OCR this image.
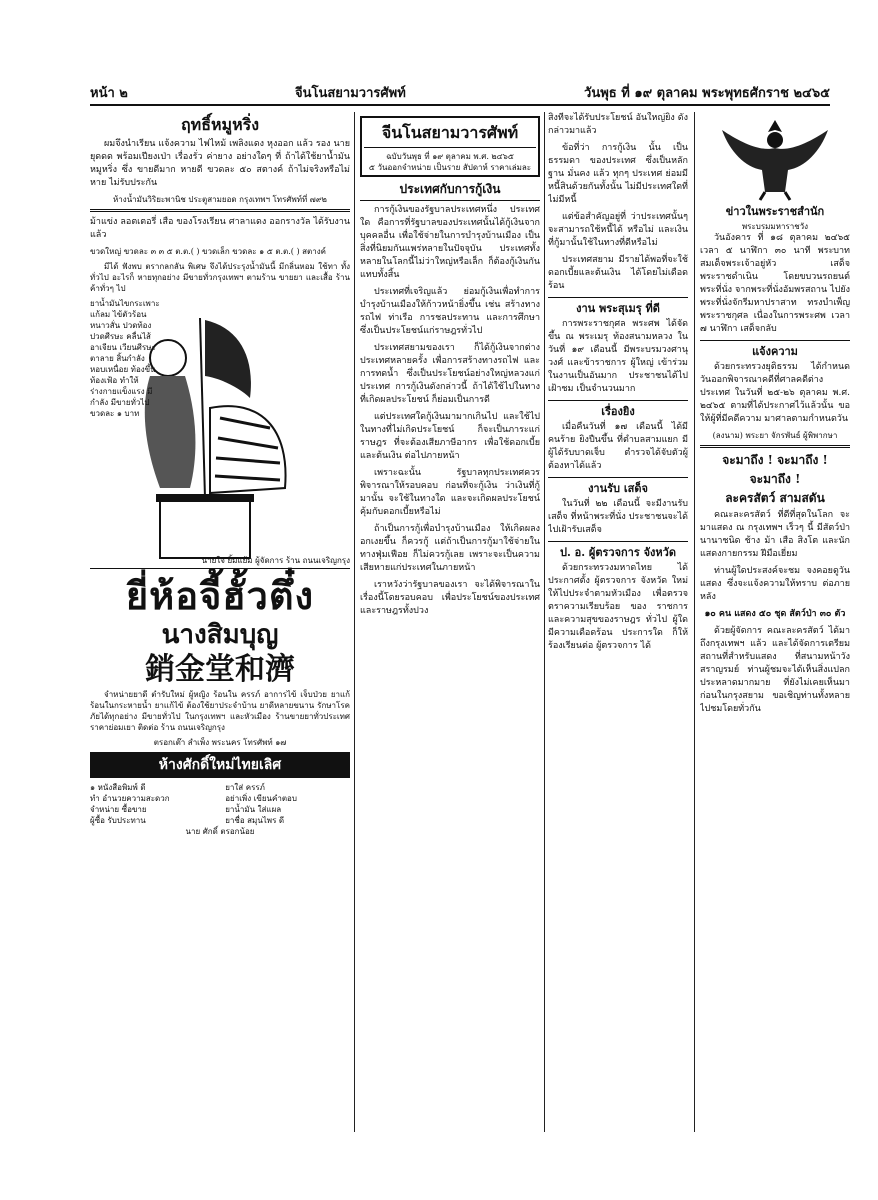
หน้า ๒	จีนโนสยามวารศัพท์	วันพุธ ที่ ๑๙ ตุลาคม พระพุทธศักราช ๒๔๖๕
ฤทธิ์หมูหริ่ง
ผมจึงนำเรียน แจ้งความ ไฟไหม้ เพลิงแดง หุงออก แล้ว รอง นาย ยุดดด พร้อมเปียงเป่า เรื่องรั่ว ค่ายาง อย่างใดๆ ที่ ถ้าได้ใช้ยาน้ำมันหมูหริ่ง ซึ่ง ขายดีมาก หายดี ขวดละ ๕๐ สตางค์ ถ้าไม่จริงหรือไม่หาย ไม่รับประกัน
ห้างน้ำมันวิริยะพานิช ประตูสามยอด กรุงเทพฯ โทรศัพท์ที่ ๗๙๒
ม้าแข่ง ลอตเตอรี่ เสือ ของโรงเรียน ศาลาแดง ออกรางวัล ได้รับงานแล้ว
ขวดใหญ่ ขวดละ ๓ ๓ ๕ ต.ต.( ) ขวดเล็ก ขวดละ ๑ ๕ ต.ต.( ) สตางค์
มีได้ ฟังพบ ตรากลกลัน พิเศษ จึงได้ประรุงน้ำมันนี้ มีกลิ่นหอม ใช้ทา ทั้งทั่วไป อะไรก็ หายทุกอย่าง มีขายทั่วกรุงเทพฯ ตามร้าน ขายยา และเสื้อ ร้านค้าทั่วๆ ไป
ยาน้ำมันไขกระเพาะ แก้ลม ไข้ตัวร้อน หนาวสั่น ปวดท้อง ปวดศีรษะ คลื่นไส้ อาเจียน เวียนศีรษะ ตาลาย สิ้นกำลัง หอบเหนื่อย ท้องขึ้น ท้องเฟ้อ ทำให้ร่างกายแข็งแรง มีกำลัง มีขายทั่วไป ขวดละ ๑ บาท
นายใจ ยิ้มแย้ม ผู้จัดการ ร้าน ถนนเจริญกรุง
ยี่ห้อจี้ฮั้วตึ๋ง
นางสิมบุญ
銷金堂和濟
จำหน่ายยาดี ตำรับใหม่ ผู้หญิง ร้อนใน ครรภ์ อาการไข้ เจ็บป่วย ยาแก้ ร้อนในกระหายน้ำ ยาแก้ไข้ ต้องใช้ยาประจำบ้าน ยาดีหลายขนาน รักษาโรคภัยได้ทุกอย่าง มีขายทั่วไป ในกรุงเทพฯ และหัวเมือง ร้านขายยาทั่วประเทศ ราคาย่อมเยา ติดต่อ ร้าน ถนนเจริญกรุง
ตรอกเต๊า สำเพ็ง พระนคร โทรศัพท์ ๑๗
ห้างศักดิ์ใหม่ไทยเลิศ
๑ หนังสือพิมพ์ ดี
ทำ อำนวยความสะดวก
จำหน่าย ซื้อขาย
ผู้ซื้อ รับประทาน
ยาใส่ ครรภ์
อย่าเพิ่ง เขียนคำตอบ
ยาน้ำมัน ใส่แผล
ยาชื่อ สมุนไพร ดี
นาย ศักดิ์ ตรอกน้อย
จีนโนสยามวารศัพท์
ฉบับวันพุธ ที่ ๑๙ ตุลาคม พ.ศ. ๒๔๖๕
๕ วันออกจำหน่าย เป็นราย สัปดาห์ ราคาเล่มละ
ประเทศกับการกู้เงิน
การกู้เงินของรัฐบาลประเทศหนึ่ง ประเทศใด คือการที่รัฐบาลของประเทศนั้นได้กู้เงินจากบุคคลอื่น เพื่อใช้จ่ายในการบำรุงบ้านเมือง เป็นสิ่งที่นิยมกันแพร่หลายในปัจจุบัน ประเทศทั้งหลายในโลกนี้ไม่ว่าใหญ่หรือเล็ก ก็ต้องกู้เงินกันแทบทั้งสิ้น
ประเทศที่เจริญแล้ว ย่อมกู้เงินเพื่อทำการบำรุงบ้านเมืองให้ก้าวหน้ายิ่งขึ้น เช่น สร้างทางรถไฟ ท่าเรือ การชลประทาน และการศึกษา ซึ่งเป็นประโยชน์แก่ราษฎรทั่วไป
ประเทศสยามของเรา ก็ได้กู้เงินจากต่างประเทศหลายครั้ง เพื่อการสร้างทางรถไฟ และการทดน้ำ ซึ่งเป็นประโยชน์อย่างใหญ่หลวงแก่ประเทศ การกู้เงินดังกล่าวนี้ ถ้าได้ใช้ไปในทางที่เกิดผลประโยชน์ ก็ย่อมเป็นการดี
แต่ประเทศใดกู้เงินมามากเกินไป และใช้ไปในทางที่ไม่เกิดประโยชน์ ก็จะเป็นภาระแก่ราษฎร ที่จะต้องเสียภาษีอากร เพื่อใช้ดอกเบี้ยและต้นเงิน ต่อไปภายหน้า
เพราะฉะนั้น รัฐบาลทุกประเทศควรพิจารณาให้รอบคอบ ก่อนที่จะกู้เงิน ว่าเงินที่กู้มานั้น จะใช้ในทางใด และจะเกิดผลประโยชน์คุ้มกับดอกเบี้ยหรือไม่
ถ้าเป็นการกู้เพื่อบำรุงบ้านเมือง ให้เกิดผลงอกเงยขึ้น ก็ควรกู้ แต่ถ้าเป็นการกู้มาใช้จ่ายในทางฟุ่มเฟือย ก็ไม่ควรกู้เลย เพราะจะเป็นความเสียหายแก่ประเทศในภายหน้า
เราหวังว่ารัฐบาลของเรา จะได้พิจารณาในเรื่องนี้โดยรอบคอบ เพื่อประโยชน์ของประเทศและราษฎรทั้งปวง
สิ่งที่จะได้รับประโยชน์ อันใหญ่ยิ่ง ดังกล่าวมาแล้ว
ข้อที่ว่า การกู้เงิน นั้น เป็นธรรมดา ของประเทศ ซึ่งเป็นหลักฐาน มั่นคง แล้ว ทุกๆ ประเทศ ย่อมมีหนี้สินด้วยกันทั้งนั้น ไม่มีประเทศใดที่ไม่มีหนี้
แต่ข้อสำคัญอยู่ที่ ว่าประเทศนั้นๆ จะสามารถใช้หนี้ได้ หรือไม่ และเงินที่กู้มานั้นใช้ในทางที่ดีหรือไม่
ประเทศสยาม มีรายได้พอที่จะใช้ดอกเบี้ยและต้นเงิน ได้โดยไม่เดือดร้อน
งาน พระสุเมรุ ที่ดี
การพระราชกุศล พระศพ ได้จัดขึ้น ณ พระเมรุ ท้องสนามหลวง ในวันที่ ๑๙ เดือนนี้ มีพระบรมวงศานุวงศ์ และข้าราชการ ผู้ใหญ่ เข้าร่วมในงานเป็นอันมาก ประชาชนได้ไปเฝ้าชม เป็นจำนวนมาก
เรื่องยิง
เมื่อคืนวันที่ ๑๗ เดือนนี้ ได้มีคนร้าย ยิงปืนขึ้น ที่ตำบลสามแยก มีผู้ได้รับบาดเจ็บ ตำรวจได้จับตัวผู้ต้องหาได้แล้ว
งานรับ เสด็จ
ในวันที่ ๒๒ เดือนนี้ จะมีงานรับเสด็จ ที่หน้าพระที่นั่ง ประชาชนจะได้ไปเฝ้ารับเสด็จ
ป. อ. ผู้ตรวจการ จังหวัด
ด้วยกระทรวงมหาดไทย ได้ประกาศตั้ง ผู้ตรวจการ จังหวัด ใหม่ ให้ไปประจำตามหัวเมือง เพื่อตรวจตราความเรียบร้อย ของ ราชการ และความสุขของราษฎร ทั่วไป ผู้ใดมีความเดือดร้อน ประการใด ก็ให้ร้องเรียนต่อ ผู้ตรวจการ ได้
ข่าวในพระราชสำนัก
พระบรมมหาราชวัง
วันอังคาร ที่ ๑๘ ตุลาคม ๒๔๖๕ เวลา ๕ นาฬิกา ๓๐ นาที พระบาทสมเด็จพระเจ้าอยู่หัว เสด็จพระราชดำเนิน โดยขบวนรถยนต์พระที่นั่ง จากพระที่นั่งอัมพรสถาน ไปยังพระที่นั่งจักรีมหาปราสาท ทรงบำเพ็ญพระราชกุศล เนื่องในการพระศพ เวลา ๗ นาฬิกา เสด็จกลับ
แจ้งความ
ด้วยกระทรวงยุติธรรม ได้กำหนดวันออกพิจารณาคดีที่ศาลคดีต่างประเทศ ในวันที่ ๒๕-๒๖ ตุลาคม พ.ศ. ๒๔๖๕ ตามที่ได้ประกาศไว้แล้วนั้น ขอให้ผู้ที่มีคดีความ มาศาลตามกำหนดวัน
(ลงนาม) พระยา จักรพันธ์ ผู้พิพากษา
จะมาถึง ! จะมาถึง !
จะมาถึง !
ละครสัตว์ สามสดัน
คณะละครสัตว์ ที่ดีที่สุดในโลก จะมาแสดง ณ กรุงเทพฯ เร็วๆ นี้ มีสัตว์ป่านานาชนิด ช้าง ม้า เสือ สิงโต และนักแสดงกายกรรม ฝีมือเยี่ยม
ท่านผู้ใดประสงค์จะชม จงคอยดูวันแสดง ซึ่งจะแจ้งความให้ทราบ ต่อภายหลัง
๑๐ คน แสดง ๕๐ ชุด สัตว์ป่า ๓๐ ตัว
ด้วยผู้จัดการ คณะละครสัตว์ ได้มาถึงกรุงเทพฯ แล้ว และได้จัดการเตรียมสถานที่สำหรับแสดง ที่สนามหน้าวังสราญรมย์ ท่านผู้ชมจะได้เห็นสิ่งแปลกประหลาดมากมาย ที่ยังไม่เคยเห็นมาก่อนในกรุงสยาม ขอเชิญท่านทั้งหลาย ไปชมโดยทั่วกัน
